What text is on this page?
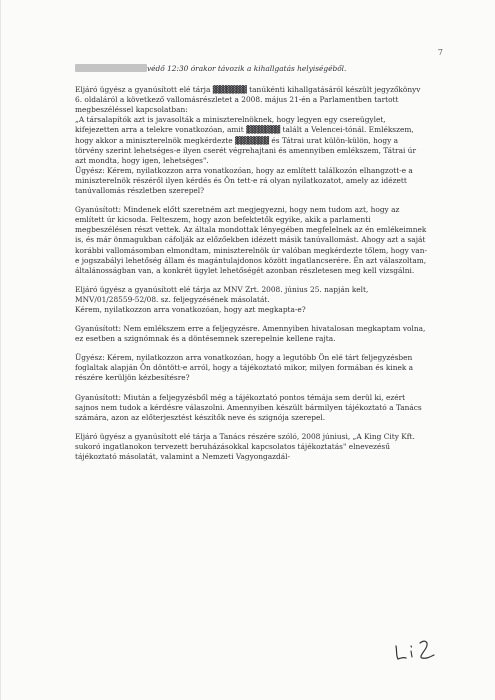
7

védő 12:30 órakor távozik a kihallgatás helyiségéből.

Eljáró ügyész a gyanúsított elé tárja ▓▓▓▓▓▓ tanúkénti kihallgatásáról készült jegyzőkönyv 6. oldaláról a következő vallomásrészletet a 2008. május 21-én a Parlamentben tartott megbeszéléssel kapcsolatban:

„A társalapítók azt is javasolták a miniszterelnöknek, hogy legyen egy csereügylet, kifejezetten arra a telekre vonatkozóan, amit ▓▓▓▓▓▓ talált a Velencei-tónál. Emlékszem, hogy akkor a miniszterelnök megkérdezte ▓▓▓▓▓▓ és Tátrai urat külön-külön, hogy a törvény szerint lehetséges-e ilyen cserét végrehajtani és amennyiben emlékszem, Tátrai úr azt mondta, hogy igen, lehetséges".

Ügyész: Kérem, nyilatkozzon arra vonatkozóan, hogy az említett találkozón elhangzott-e a miniszterelnök részéről ilyen kérdés és Ön tett-e rá olyan nyilatkozatot, amely az idézett tanúvallomás részletben szerepel?

Gyanúsított: Mindenek előtt szeretném azt megjegyezni, hogy nem tudom azt, hogy az említett úr kicsoda. Felteszem, hogy azon befektetők egyike, akik a parlamenti megbeszélésen részt vettek. Az általa mondottak lényegében megfelelnek az én emlékeimnek is, és már önmagukban cáfolják az előzőekben idézett másik tanúvallomást. Ahogy azt a saját korábbi vallomásomban elmondtam, miniszterelnök úr valóban megkérdezte tőlem, hogy van-e jogszabályi lehetőség állam és magántulajdonos között ingatlancserére. Én azt válaszoltam, általánosságban van, a konkrét ügylet lehetőségét azonban részletesen meg kell vizsgálni.

Eljáró ügyész a gyanúsított elé tárja az MNV Zrt. 2008. június 25. napján kelt, MNV/01/28559-52/08. sz. feljegyzésének másolatát.

Kérem, nyilatkozzon arra vonatkozóan, hogy azt megkapta-e?

Gyanúsított: Nem emlékszem erre a feljegyzésre. Amennyiben hivatalosan megkaptam volna, ez esetben a szignómnak és a döntésemnek szerepelnie kellene rajta.

Ügyész: Kérem, nyilatkozzon arra vonatkozóan, hogy a legutóbb Ön elé tárt feljegyzésben foglaltak alapján Ön döntött-e arról, hogy a tájékoztató mikor, milyen formában és kinek a részére kerüljön kézbesítésre?

Gyanúsított: Miután a feljegyzésből még a tájékoztató pontos témája sem derül ki, ezért sajnos nem tudok a kérdésre válaszolni. Amennyiben készült bármilyen tájékoztató a Tanács számára, azon az előterjesztést készítők neve és szignója szerepel.

Eljáró ügyész a gyanúsított elé tárja a Tanács részére szóló, 2008 júniusi, „A King City Kft. sukoró ingatlanokon tervezett beruházásokkal kapcsolatos tájékoztatás" elnevezésű tájékoztató másolatát, valamint a Nemzeti Vagyongazdál-
